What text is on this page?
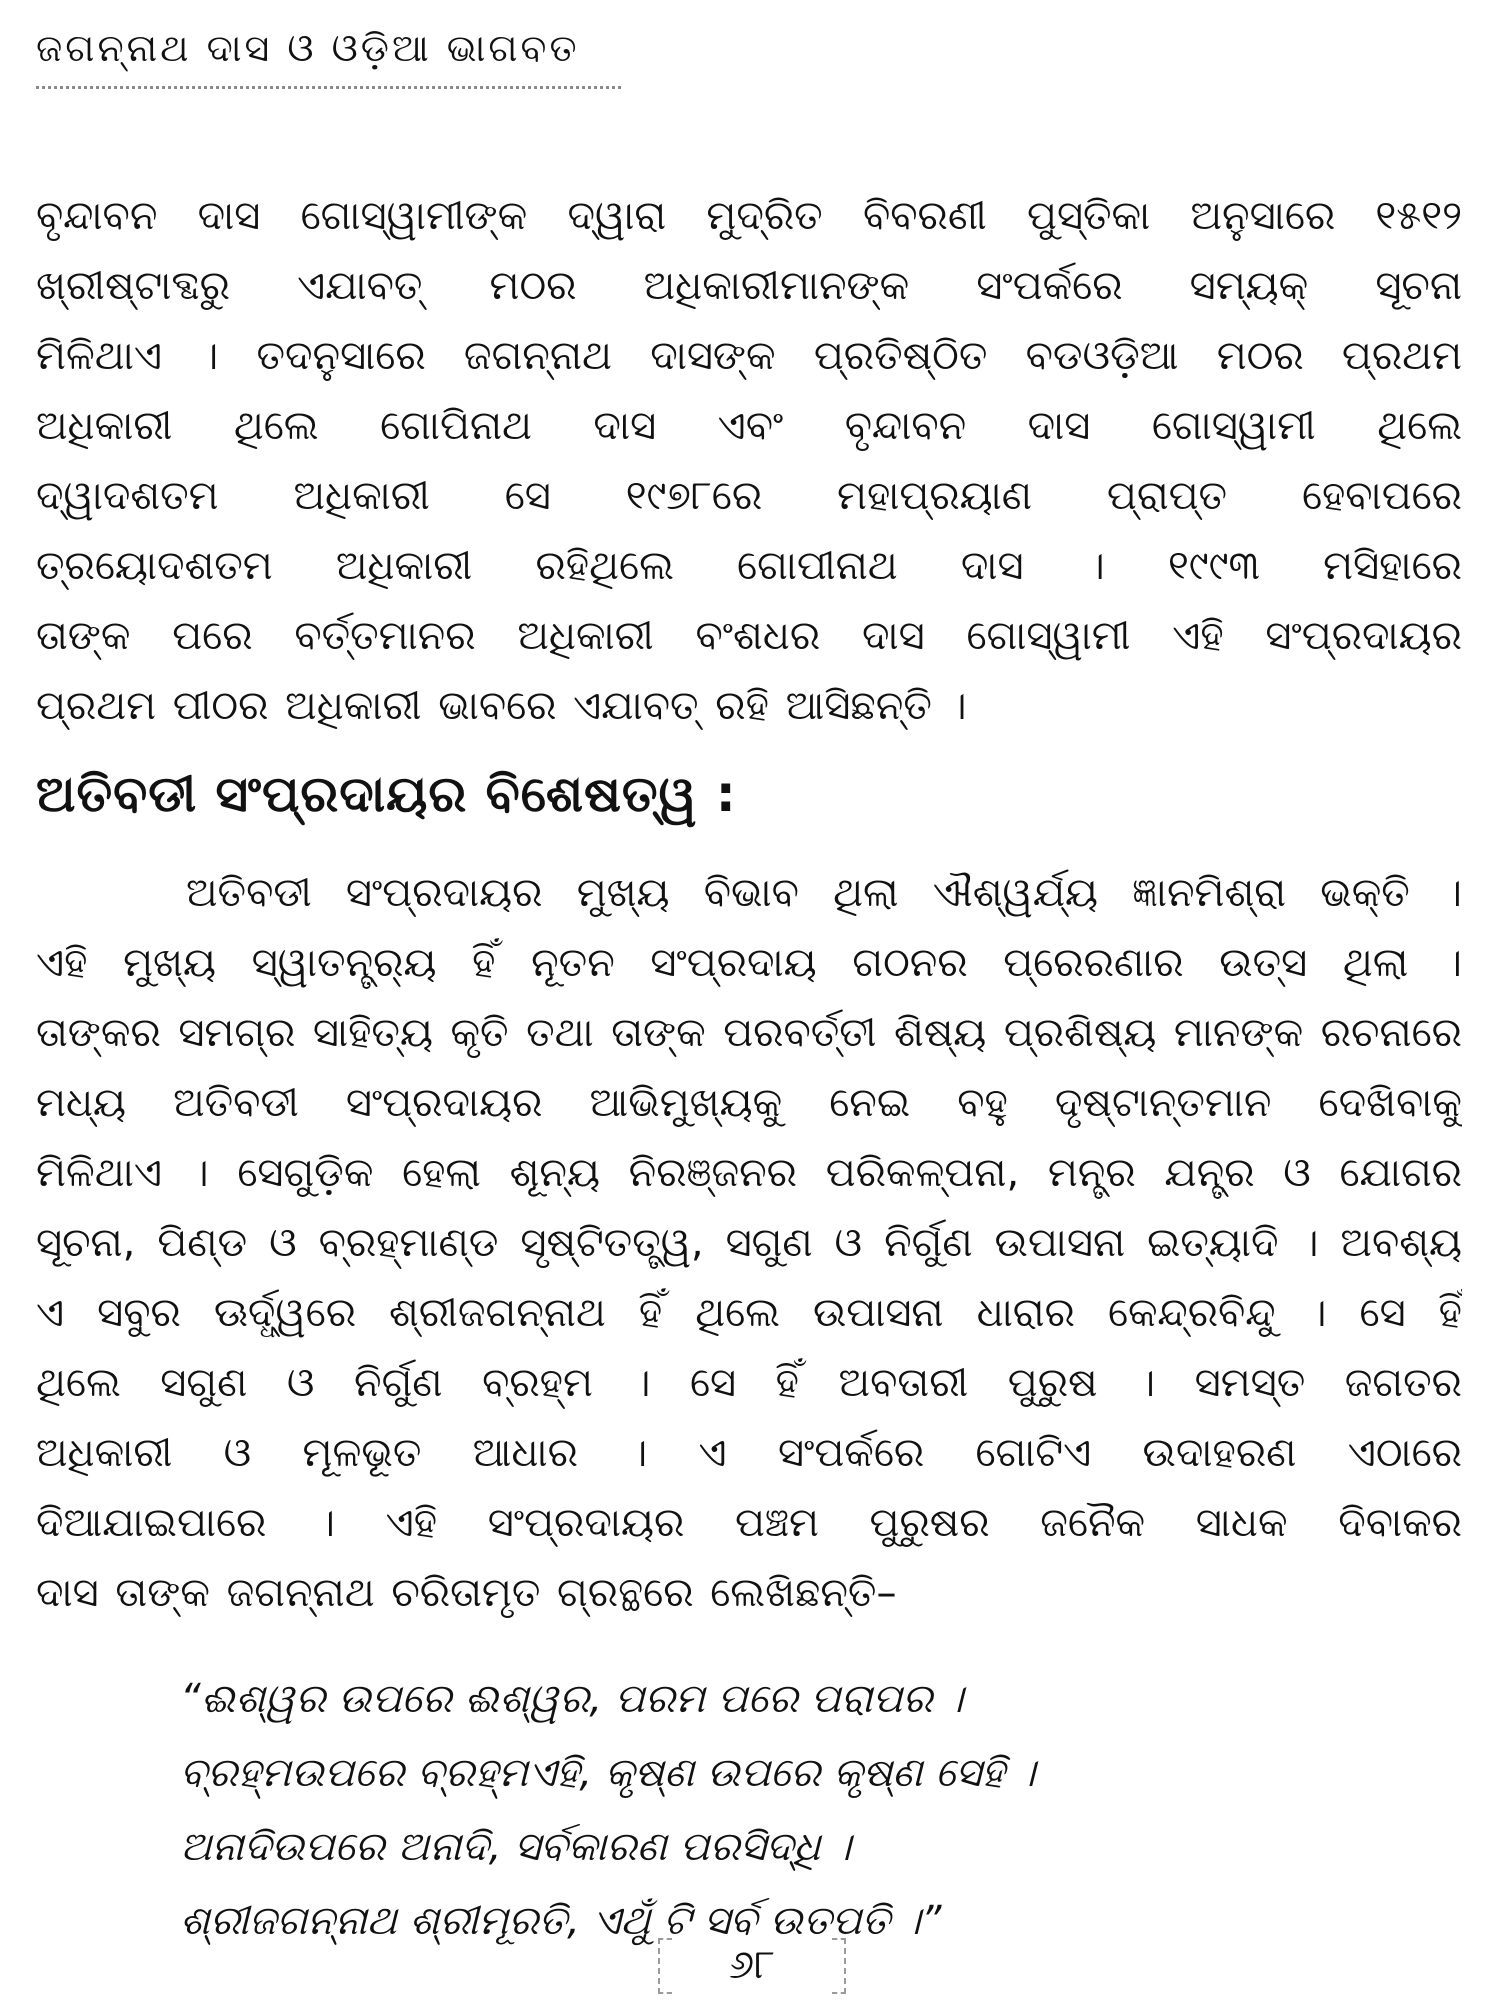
ଜଗନ୍ନାଥ ଦାସ ଓ ଓଡ଼ିଆ ଭାଗବତ
ବୃନ୍ଦାବନ ଦାସ ଗୋସ୍ୱାମୀଙ୍କ ଦ୍ୱାରା ମୁଦ୍ରିତ ବିବରଣୀ ପୁସ୍ତିକା ଅନୁସାରେ ୧୫୧୨
ଖ୍ରୀଷ୍ଟାବ୍ଦରୁ ଏଯାବତ୍ ମଠର ଅଧିକାରୀମାନଙ୍କ ସଂପର୍କରେ ସମ୍ୟକ୍ ସୂଚନା
ମିଳିଥାଏ । ତଦନୁସାରେ ଜଗନ୍ନାଥ ଦାସଙ୍କ ପ୍ରତିଷ୍ଠିତ ବଡଓଡ଼ିଆ ମଠର ପ୍ରଥମ
ଅଧିକାରୀ ଥିଲେ ଗୋପିନାଥ ଦାସ ଏବଂ ବୃନ୍ଦାବନ ଦାସ ଗୋସ୍ୱାମୀ ଥିଲେ
ଦ୍ୱାଦଶତମ ଅଧିକାରୀ ସେ ୧୯୭୮ରେ ମହାପ୍ରୟାଣ ପ୍ରାପ୍ତ ହେବାପରେ
ତ୍ରୟୋଦଶତମ ଅଧିକାରୀ ରହିଥିଲେ ଗୋପୀନାଥ ଦାସ । ୧୯୯୩ ମସିହାରେ
ତାଙ୍କ ପରେ ବର୍ତ୍ତମାନର ଅଧିକାରୀ ବଂଶଧର ଦାସ ଗୋସ୍ୱାମୀ ଏହି ସଂପ୍ରଦାୟର
ପ୍ରଥମ ପୀଠର ଅଧିକାରୀ ଭାବରେ ଏଯାବତ୍ ରହି ଆସିଛନ୍ତି ।
ଅତିବଡୀ ସଂପ୍ରଦାୟର ବିଶେଷତ୍ୱ :
ଅତିବଡୀ ସଂପ୍ରଦାୟର ମୁଖ୍ୟ ବିଭାବ ଥିଲା ଐଶ୍ୱର୍ଯ୍ୟ ଜ୍ଞାନମିଶ୍ରା ଭକ୍ତି ।
ଏହି ମୁଖ୍ୟ ସ୍ୱାତନ୍ତ୍ର୍ୟ ହିଁ ନୂତନ ସଂପ୍ରଦାୟ ଗଠନର ପ୍ରେରଣାର ଉତ୍ସ ଥିଲା ।
ତାଙ୍କର ସମଗ୍ର ସାହିତ୍ୟ କୃତି ତଥା ତାଙ୍କ ପରବର୍ତ୍ତୀ ଶିଷ୍ୟ ପ୍ରଶିଷ୍ୟ ମାନଙ୍କ ରଚନାରେ
ମଧ୍ୟ ଅତିବଡୀ ସଂପ୍ରଦାୟର ଆଭିମୁଖ୍ୟକୁ ନେଇ ବହୁ ଦୃଷ୍ଟାନ୍ତମାନ ଦେଖିବାକୁ
ମିଳିଥାଏ । ସେଗୁଡ଼ିକ ହେଲା ଶୂନ୍ୟ ନିରଞ୍ଜନର ପରିକଳ୍ପନା, ମନ୍ତ୍ର ଯନ୍ତ୍ର ଓ ଯୋଗର
ସୂଚନା, ପିଣ୍ଡ ଓ ବ୍ରହ୍ମାଣ୍ଡ ସୃଷ୍ଟିତତ୍ତ୍ୱ, ସଗୁଣ ଓ ନିର୍ଗୁଣ ଉପାସନା ଇତ୍ୟାଦି । ଅବଶ୍ୟ
ଏ ସବୁର ଊର୍ଦ୍ଧ୍ୱରେ ଶ୍ରୀଜଗନ୍ନାଥ ହିଁ ଥିଲେ ଉପାସନା ଧାରାର କେନ୍ଦ୍ରବିନ୍ଦୁ । ସେ ହିଁ
ଥିଲେ ସଗୁଣ ଓ ନିର୍ଗୁଣ ବ୍ରହ୍ମ । ସେ ହିଁ ଅବତାରୀ ପୁରୁଷ । ସମସ୍ତ ଜଗତର
ଅଧିକାରୀ ଓ ମୂଳଭୂତ ଆଧାର । ଏ ସଂପର୍କରେ ଗୋଟିଏ ଉଦାହରଣ ଏଠାରେ
ଦିଆଯାଇପାରେ । ଏହି ସଂପ୍ରଦାୟର ପଞ୍ଚମ ପୁରୁଷର ଜନୈକ ସାଧକ ଦିବାକର
ଦାସ ତାଙ୍କ ଜଗନ୍ନାଥ ଚରିତାମୃତ ଗ୍ରନ୍ଥରେ ଲେଖିଛନ୍ତି–
“ଈଶ୍ୱର ଉପରେ ଈଶ୍ୱର, ପରମ ପରେ ପରାପର ।
ବ୍ରହ୍ମଉପରେ ବ୍ରହ୍ମଏହି, କୃଷ୍ଣ ଉପରେ କୃଷ୍ଣ ସେହି ।
ଅନାଦିଉପରେ ଅନାଦି, ସର୍ବକାରଣ ପରସିଦ୍ଧି ।
ଶ୍ରୀଜଗନ୍ନାଥ ଶ୍ରୀମୂରତି, ଏଥୁଁ ଟି ସର୍ବ ଉତପତି ।”
୬୮
